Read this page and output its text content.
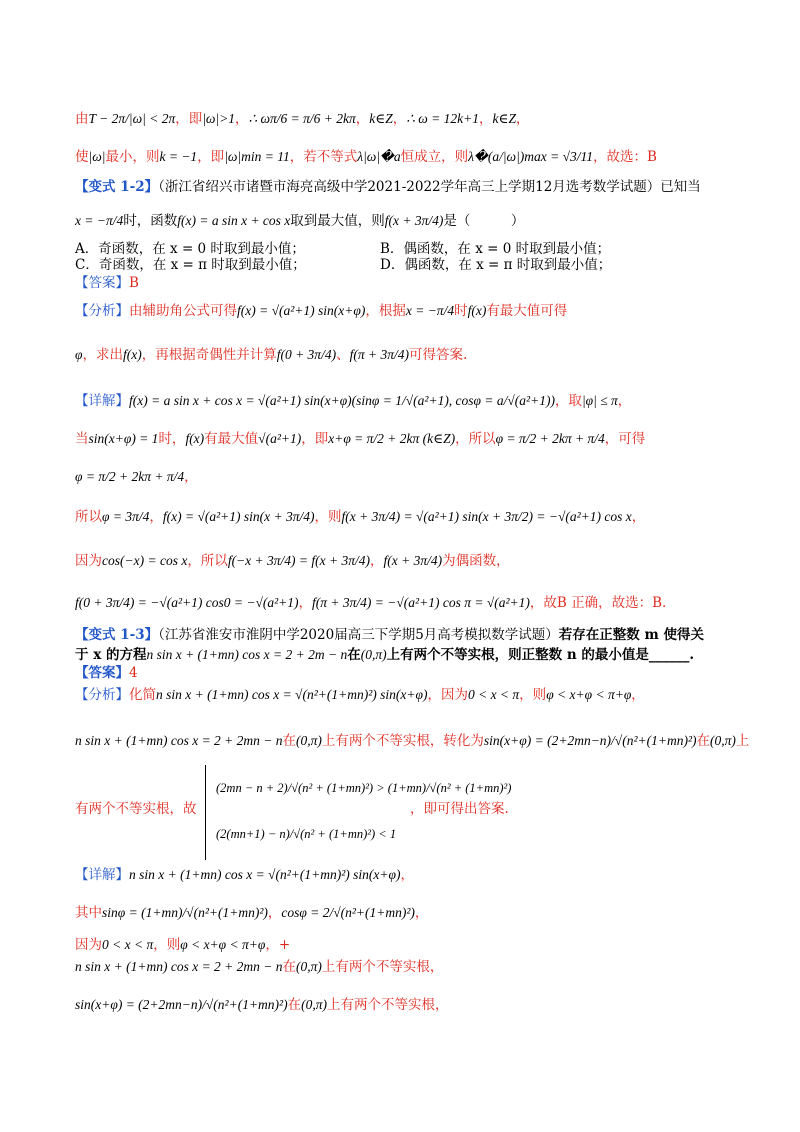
由T − 2π/|ω| < 2π，即|ω|>1，∴ ωπ/6 = π/6 + 2kπ，k∈Z，∴ ω = 12k+1，k∈Z，
使|ω|最小，则k = −1，即|ω|min = 11，若不等式λ|ω|�a恒成立，则λ�(a/|ω|)max = √3/11，故选：B
【变式 1-2】（浙江省绍兴市诸暨市海亮高级中学2021-2022学年高三上学期12月选考数学试题）已知当
x = −π/4时，函数f(x) = a sin x + cos x取到最大值，则f(x + 3π/4)是（　　　）
A．奇函数，在 x = 0 时取到最小值；	B．偶函数，在 x = 0 时取到最小值；
C．奇函数，在 x = π 时取到最小值；	D．偶函数，在 x = π 时取到最小值；
【答案】B
【分析】由辅助角公式可得f(x) = √(a²+1) sin(x+φ)，根据x = −π/4时f(x)有最大值可得
φ，求出f(x)，再根据奇偶性并计算f(0 + 3π/4)、f(π + 3π/4)可得答案.
【详解】f(x) = a sin x + cos x = √(a²+1) sin(x+φ)(sinφ = 1/√(a²+1), cosφ = a/√(a²+1))，取|φ| ≤ π，
当sin(x+φ) = 1时，f(x)有最大值√(a²+1)，即x+φ = π/2 + 2kπ (k∈Z)，所以φ = π/2 + 2kπ + π/4，可得
φ = π/2 + 2kπ + π/4，
所以φ = 3π/4，f(x) = √(a²+1) sin(x + 3π/4)，则f(x + 3π/4) = √(a²+1) sin(x + 3π/2) = −√(a²+1) cos x，
因为cos(−x) = cos x，所以f(−x + 3π/4) = f(x + 3π/4)，f(x + 3π/4)为偶函数，
f(0 + 3π/4) = −√(a²+1) cos0 = −√(a²+1)，f(π + 3π/4) = −√(a²+1) cos π = √(a²+1)，故B 正确，故选：B.
【变式 1-3】（江苏省淮安市淮阴中学2020届高三下学期5月高考模拟数学试题）若存在正整数 m 使得关
于 x 的方程n sin x + (1+mn) cos x = 2 + 2m − n在(0,π)上有两个不等实根，则正整数 n 的最小值是______.
【答案】4
【分析】化简n sin x + (1+mn) cos x = √(n²+(1+mn)²) sin(x+φ)，因为0 < x < π，则φ < x+φ < π+φ，
n sin x + (1+mn) cos x = 2 + 2mn − n在(0,π)上有两个不等实根，转化为sin(x+φ) = (2+2mn−n)/√(n²+(1+mn)²)在(0,π)上
有两个不等实根，故
(2mn − n + 2)/√(n² + (1+mn)²) > (1+mn)/√(n² + (1+mn)²)
(2(mn+1) − n)/√(n² + (1+mn)²) < 1
，即可得出答案.
【详解】n sin x + (1+mn) cos x = √(n²+(1+mn)²) sin(x+φ)，
其中sinφ = (1+mn)/√(n²+(1+mn)²)，cosφ = 2/√(n²+(1+mn)²)，
因为0 < x < π，则φ < x+φ < π+φ，+
n sin x + (1+mn) cos x = 2 + 2mn − n在(0,π)上有两个不等实根，
sin(x+φ) = (2+2mn−n)/√(n²+(1+mn)²)在(0,π)上有两个不等实根，
